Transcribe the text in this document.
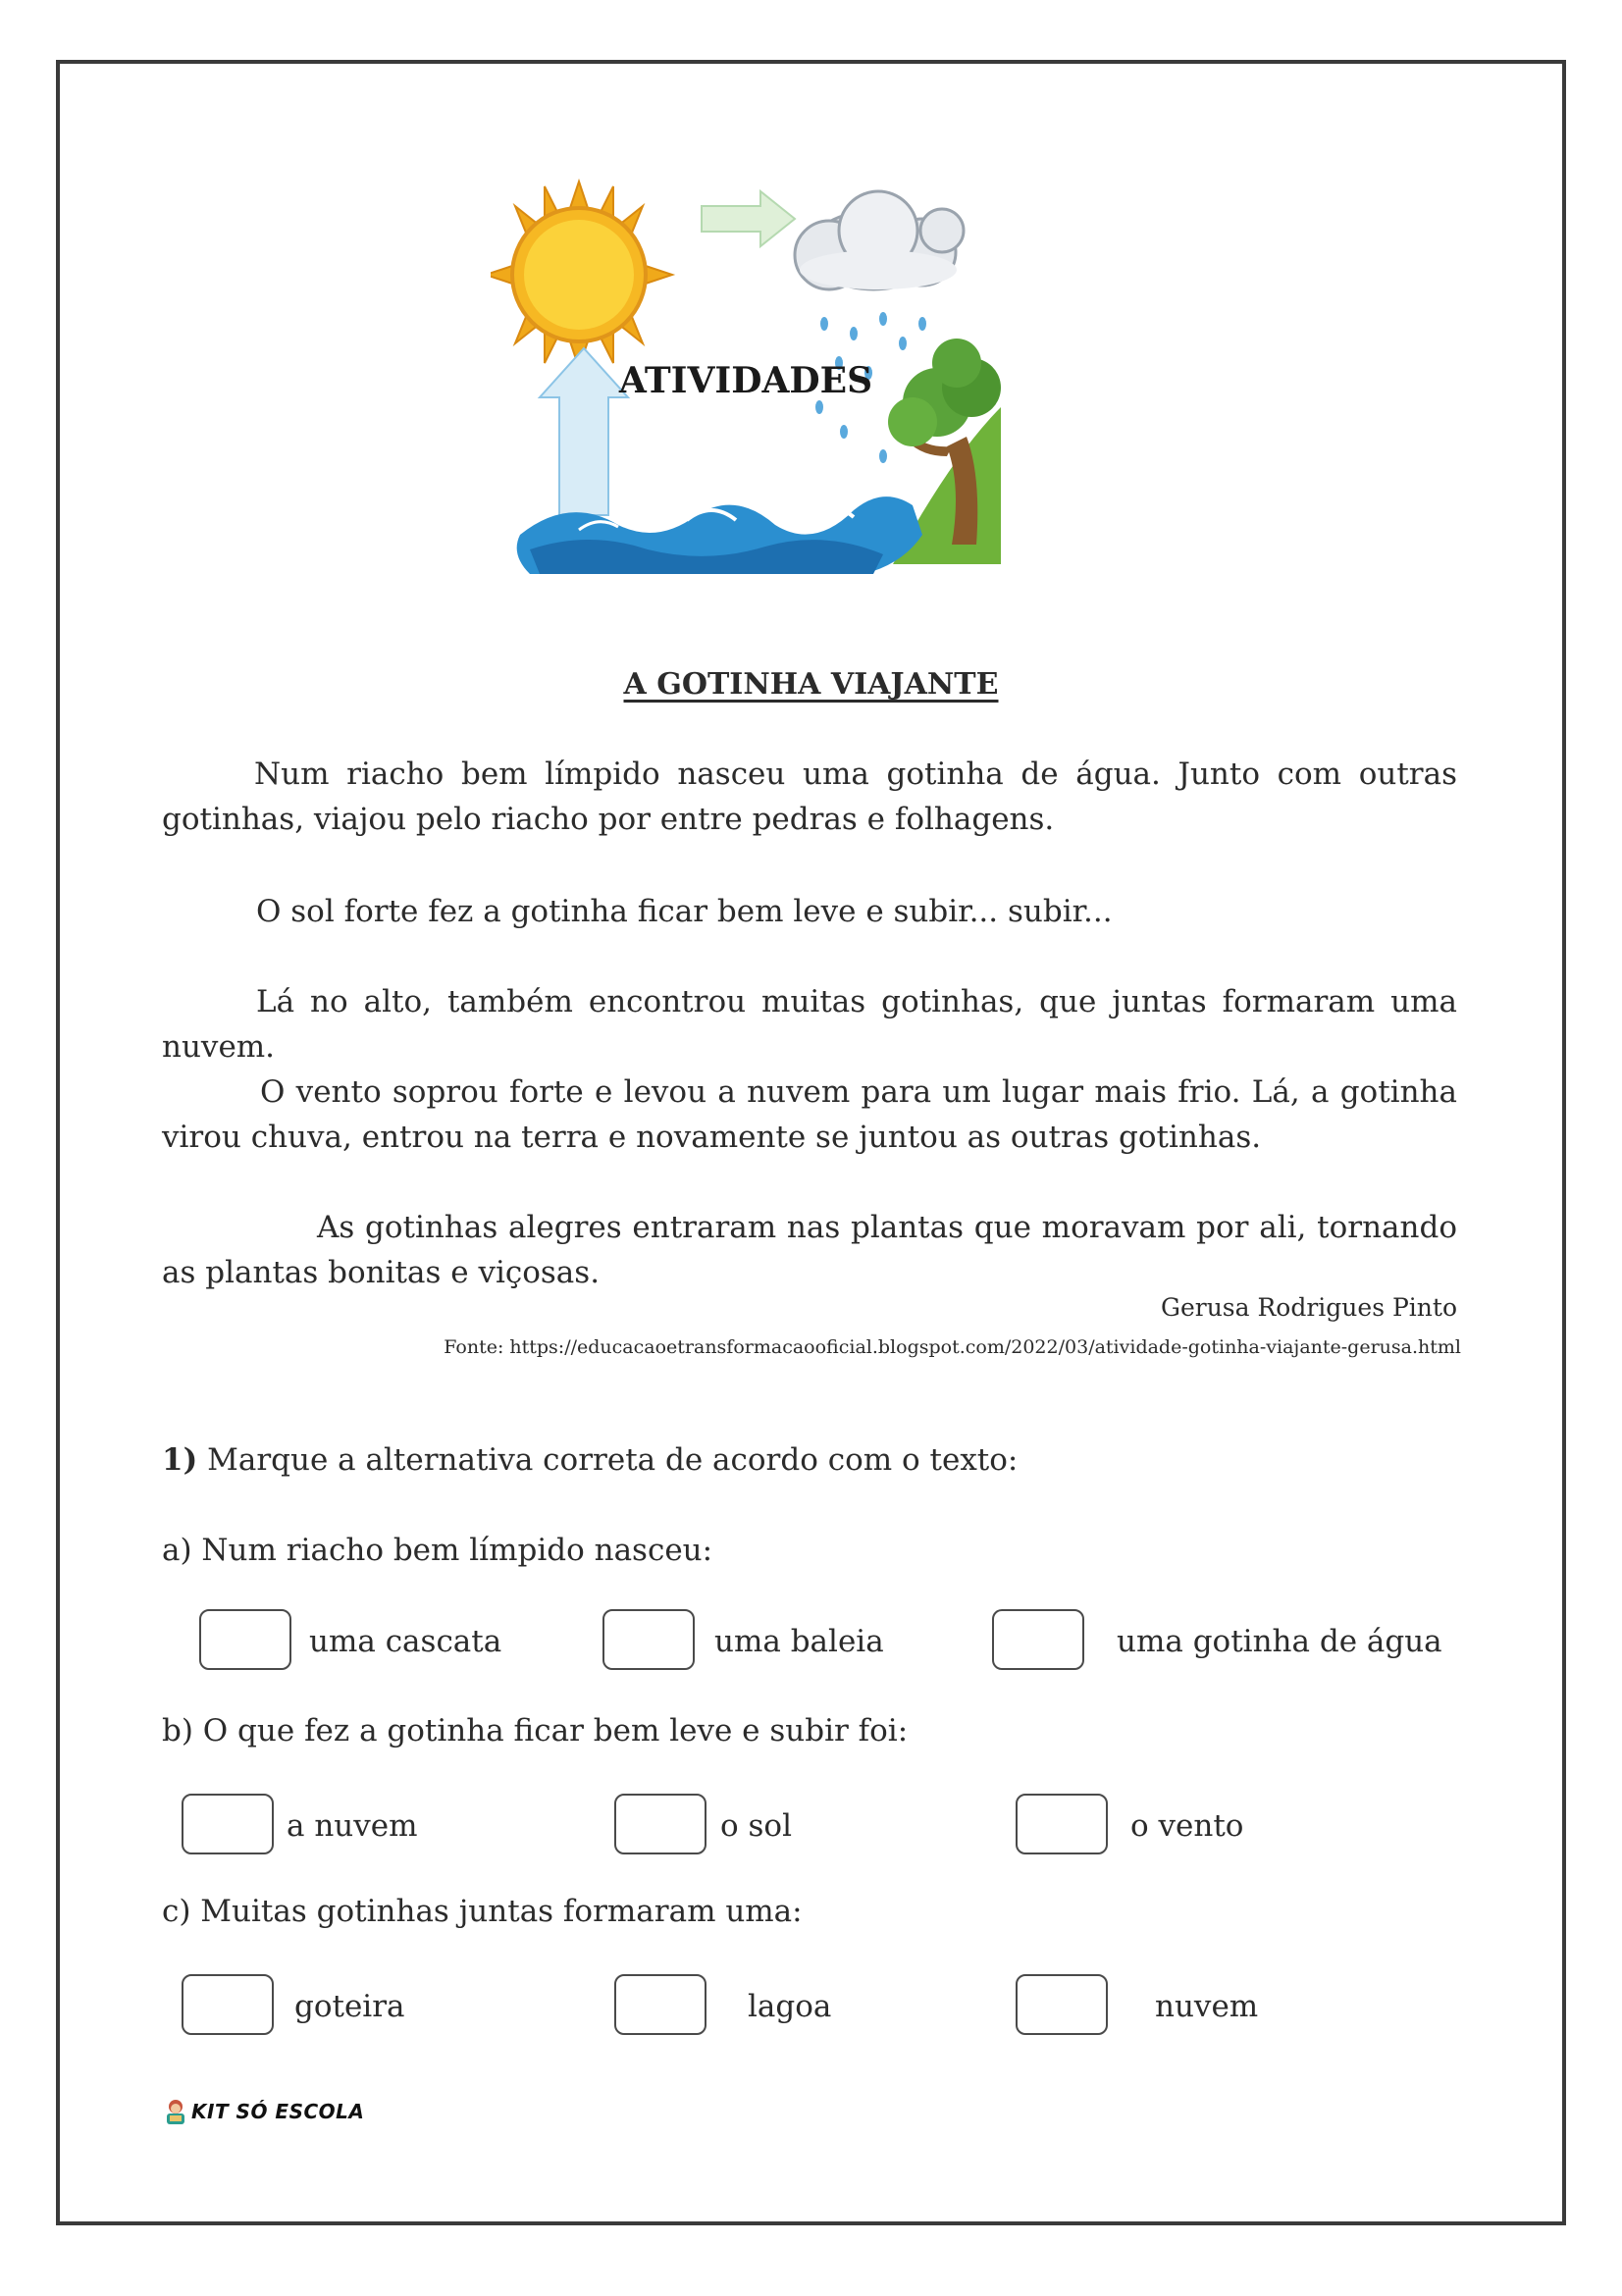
ATIVIDADES
A GOTINHA VIAJANTE
Num riacho bem límpido nasceu uma gotinha de água. Junto com outras gotinhas, viajou pelo riacho por entre pedras e folhagens.
O sol forte fez a gotinha ficar bem leve e subir... subir...
Lá no alto, também encontrou muitas gotinhas, que juntas formaram uma nuvem.
O vento soprou forte e levou a nuvem para um lugar mais frio. Lá, a gotinha virou chuva, entrou na terra e novamente se juntou as outras gotinhas.
As gotinhas alegres entraram nas plantas que moravam por ali, tornando as plantas bonitas e viçosas.
Gerusa Rodrigues Pinto
Fonte: https://educacaoetransformacaooficial.blogspot.com/2022/03/atividade-gotinha-viajante-gerusa.html
1) Marque a alternativa correta de acordo com o texto:
a) Num riacho bem límpido nasceu:
uma cascata	uma baleia	uma gotinha de água
b) O que fez a gotinha ficar bem leve e subir foi:
a nuvem	o sol	o vento
c) Muitas gotinhas juntas formaram uma:
goteira	lagoa	nuvem
KIT SÓ ESCOLA
